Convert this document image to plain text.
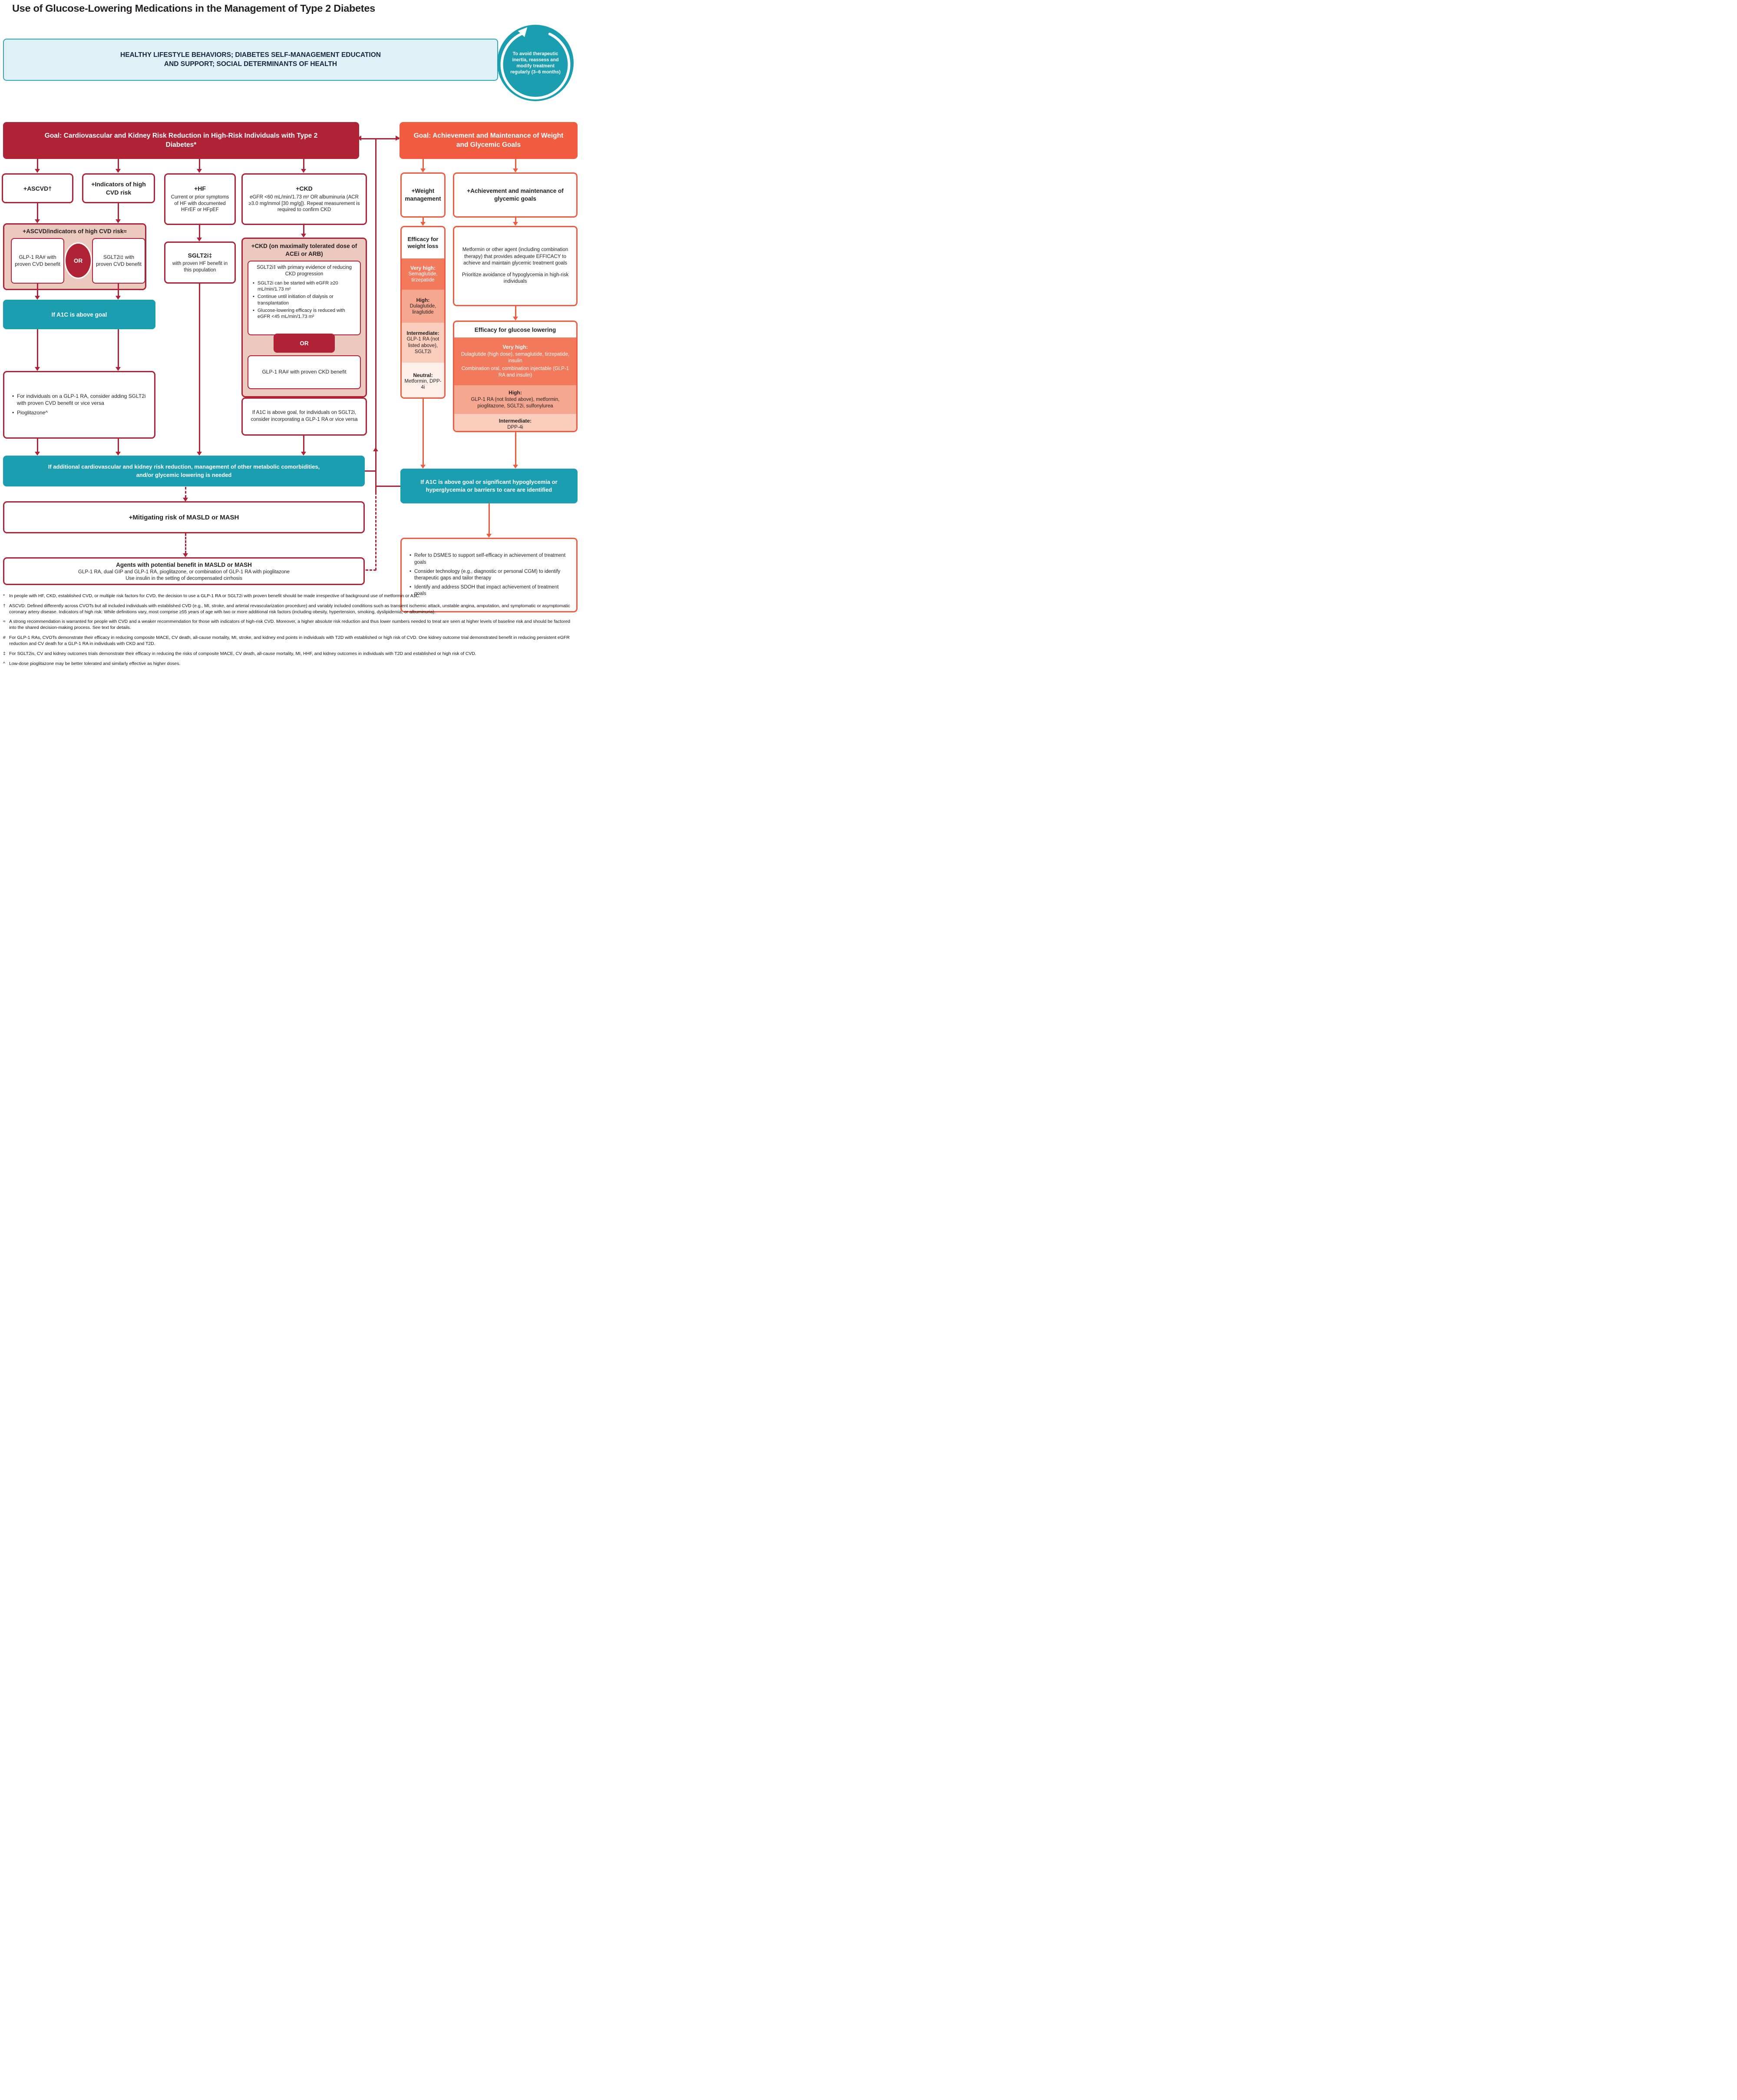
Use of Glucose-Lowering Medications in the Management of Type 2 Diabetes
HEALTHY LIFESTYLE BEHAVIORS; DIABETES SELF-MANAGEMENT EDUCATION AND SUPPORT; SOCIAL DETERMINANTS OF HEALTH
To avoid therapeutic inertia, reassess and modify treatment regularly (3–6 months)
Goal: Cardiovascular and Kidney Risk Reduction in High-Risk Individuals with Type 2 Diabetes*
Goal: Achievement and Maintenance of Weight and Glycemic Goals
+ASCVD†
+Indicators of high CVD risk
+HF
Current or prior symptoms of HF with documented HFrEF or HFpEF
+CKD
eGFR <60 mL/min/1.73 m² OR albuminuria (ACR ≥3.0 mg/mmol [30 mg/g]). Repeat measurement is required to confirm CKD
+ASCVD/indicators of high CVD risk≈
GLP-1 RA# with proven CVD benefit
SGLT2i‡ with proven CVD benefit
OR
If A1C is above goal
• For individuals on a GLP-1 RA, consider adding SGLT2i with proven CVD benefit or vice versa
• Pioglitazone^
SGLT2i‡
with proven HF benefit in this population
+CKD (on maximally tolerated dose of ACEi or ARB)
SGLT2i‡ with primary evidence of reducing CKD progression
• SGLT2i can be started with eGFR ≥20 mL/min/1.73 m²
• Continue until initiation of dialysis or transplantation
• Glucose-lowering efficacy is reduced with eGFR <45 mL/min/1.73 m²
OR
GLP-1 RA# with proven CKD benefit
If A1C is above goal, for individuals on SGLT2i, consider incorporating a GLP-1 RA or vice versa
If additional cardiovascular and kidney risk reduction, management of other metabolic comorbidities, and/or glycemic lowering is needed
+Mitigating risk of MASLD or MASH
Agents with potential benefit in MASLD or MASH
GLP-1 RA, dual GIP and GLP-1 RA, pioglitazone, or combination of GLP-1 RA with pioglitazone
Use insulin in the setting of decompensated cirrhosis
+Weight management
+Achievement and maintenance of glycemic goals
Efficacy for weight loss
Very high:
Semaglutide, tirzepatide
High:
Dulaglutide, liraglutide
Intermediate:
GLP-1 RA (not listed above), SGLT2i
Neutral:
Metformin, DPP-4i
Metformin or other agent (including combination therapy) that provides adequate EFFICACY to achieve and maintain glycemic treatment goals
Prioritize avoidance of hypoglycemia in high-risk individuals
Efficacy for glucose lowering
Very high:
Dulaglutide (high dose), semaglutide, tirzepatide, insulin
Combination oral, combination injectable (GLP-1 RA and insulin)
High:
GLP-1 RA (not listed above), metformin, pioglitazone, SGLT2i, sulfonylurea
Intermediate:
DPP-4i
If A1C is above goal or significant hypoglycemia or hyperglycemia or barriers to care are identified
• Refer to DSMES to support self-efficacy in achievement of treatment goals
• Consider technology (e.g., diagnostic or personal CGM) to identify therapeutic gaps and tailor therapy
• Identify and address SDOH that impact achievement of treatment goals

* In people with HF, CKD, established CVD, or multiple risk factors for CVD, the decision to use a GLP-1 RA or SGLT2i with proven benefit should be made irrespective of background use of metformin or A1C.

† ASCVD: Defined differently across CVOTs but all included individuals with established CVD (e.g., MI, stroke, and arterial revascularization procedure) and variably included conditions such as transient ischemic attack, unstable angina, amputation, and symptomatic or asymptomatic coronary artery disease. Indicators of high risk: While definitions vary, most comprise ≥55 years of age with two or more additional risk factors (including obesity, hypertension, smoking, dyslipidemia, or albuminuria).

≈ A strong recommendation is warranted for people with CVD and a weaker recommendation for those with indicators of high-risk CVD. Moreover, a higher absolute risk reduction and thus lower numbers needed to treat are seen at higher levels of baseline risk and should be factored into the shared decision-making process. See text for details.

# For GLP-1 RAs, CVOTs demonstrate their efficacy in reducing composite MACE, CV death, all-cause mortality, MI, stroke, and kidney end points in individuals with T2D with established or high risk of CVD. One kidney outcome trial demonstrated benefit in reducing persistent eGFR reduction and CV death for a GLP-1 RA in individuals with CKD and T2D.

‡ For SGLT2is, CV and kidney outcomes trials demonstrate their efficacy in reducing the risks of composite MACE, CV death, all-cause mortality, MI, HHF, and kidney outcomes in individuals with T2D and established or high risk of CVD.

^ Low-dose pioglitazone may be better tolerated and similarly effective as higher doses.
